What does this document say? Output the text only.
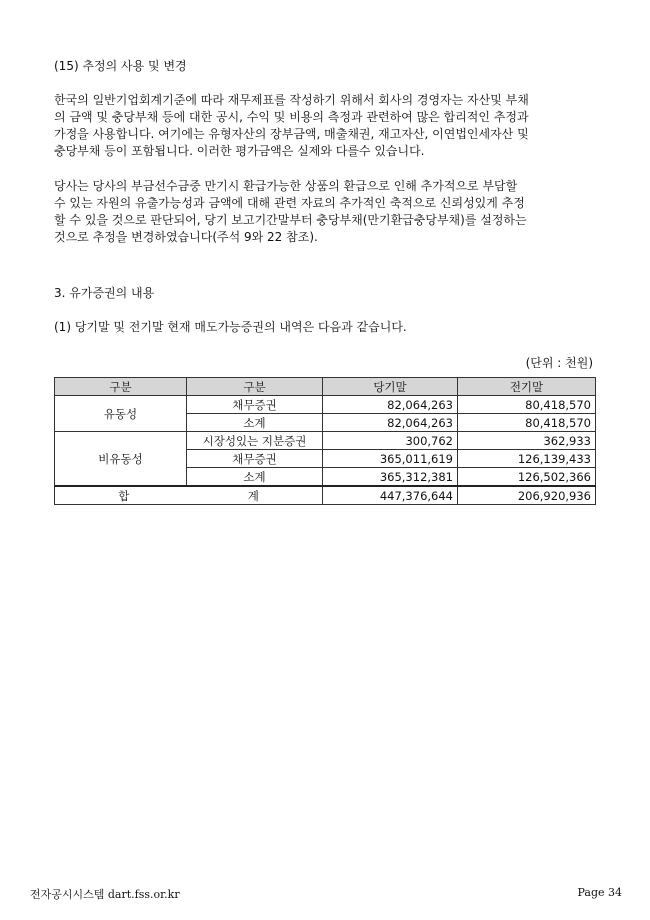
(15) 추정의 사용 및 변경
한국의 일반기업회계기준에 따라 재무제표를 작성하기 위해서 회사의 경영자는 자산및 부채
의 금액 및 충당부채 등에 대한 공시, 수익 및 비용의 측정과 관련하여 많은 합리적인 추정과
가정을 사용합니다. 여기에는 유형자산의 장부금액, 매출채권, 재고자산, 이연법인세자산 및
충당부채 등이 포함됩니다. 이러한 평가금액은 실제와 다를수 있습니다.
당사는 당사의 부금선수금중 만기시 환급가능한 상품의 환급으로 인해 추가적으로 부담할
수 있는 자원의 유출가능성과 금액에 대해 관련 자료의 추가적인 축적으로 신뢰성있게 추정
할 수 있을 것으로 판단되어, 당기 보고기간말부터 충당부채(만기환급충당부채)를 설정하는
것으로 추정을 변경하였습니다(주석 9와 22 참조).
3. 유가증권의 내용
(1) 당기말 및 전기말 현재 매도가능증권의 내역은 다음과 같습니다.
(단위 : 천원)
구분	구분	당기말	전기말
유동성	채무증권	82,064,263	80,418,570
	소계	82,064,263	80,418,570
비유동성	시장성있는 지분증권	300,762	362,933
	채무증권	365,011,619	126,139,433
	소계	365,312,381	126,502,366
합 계		447,376,644	206,920,936
전자공시시스템 dart.fss.or.kr	Page 34
